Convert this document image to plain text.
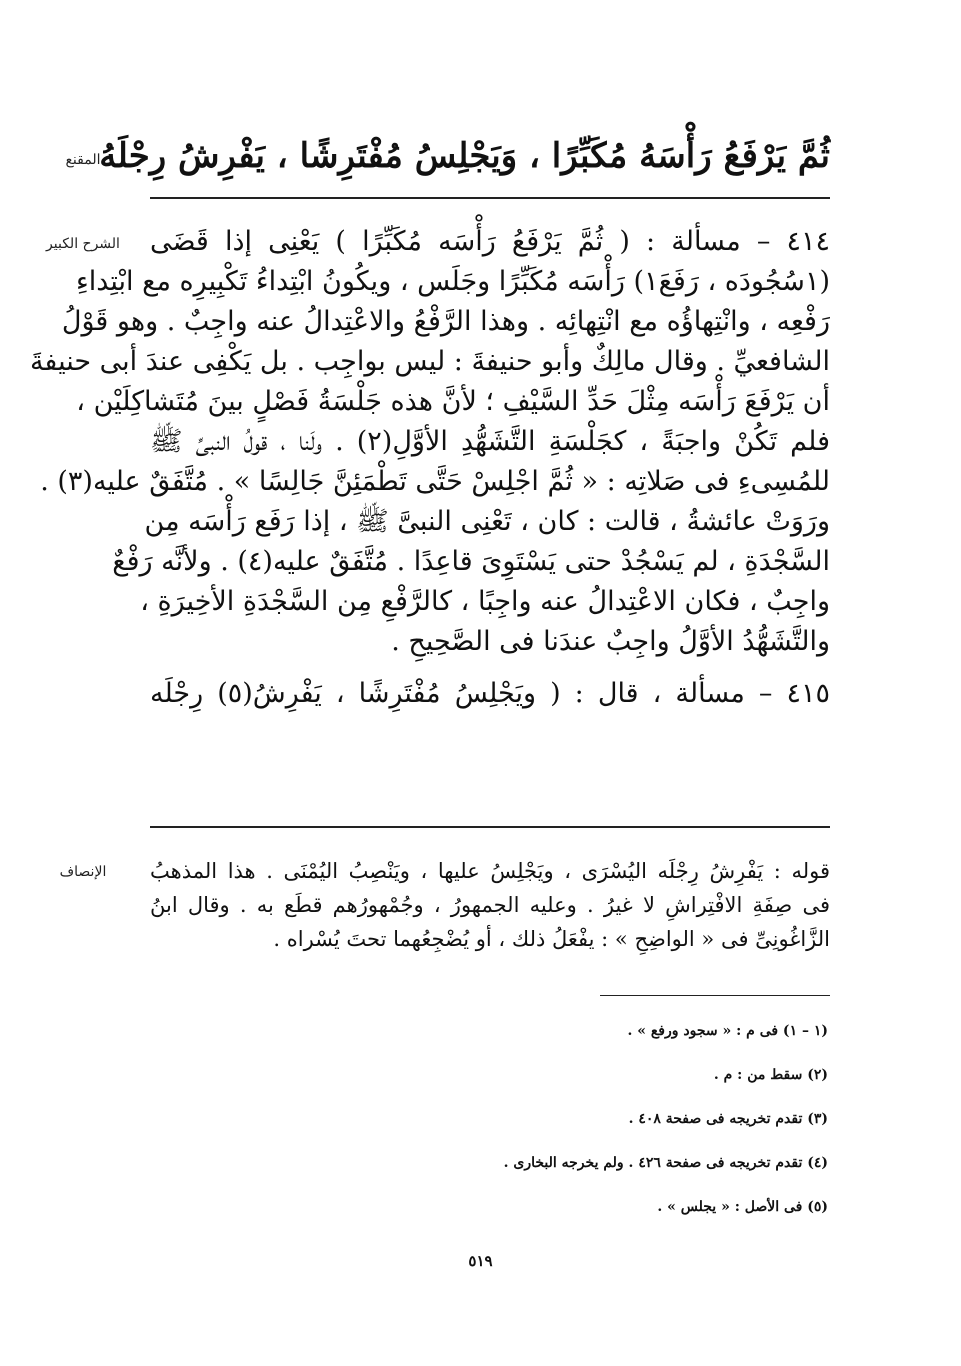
المقنع
الشرح الكبير
الإنصاف
ثُمَّ يَرْفَعُ رَأْسَهُ مُكَبِّرًا ، وَيَجْلِسُ مُفْتَرِشًا ، يَفْرِشُ رِجْلَهُ
٤١٤ – مسألة : ( ثُمَّ يَرْفَعُ رَأْسَه مُكَبِّرًا ) يَعْنِى إذا قَضَى
(١سُجُودَه ، رَفَعَ١) رَأْسَه مُكَبِّرًا وجَلَس ، ويكُونُ ابْتِداءُ تَكْبِيرِه مع ابْتِداءِ
رَفْعِه ، وانْتِهاؤُه مع انْتِهائِه . وهذا الرَّفْعُ والاعْتِدالُ عنه واجِبٌ . وهو قَوْلُ
الشافعيِّ . وقال مالِكٌ وأبو حنيفةَ : ليس بواجِب . بل يَكْفِى عندَ أبى حنيفةَ
أن يَرْفَعَ رَأْسَه مِثْلَ حَدِّ السَّيْفِ ؛ لأنَّ هذه جَلْسَةُ فَصْلٍ بينَ مُتَشاكِلَيْن ،
فلم تَكُنْ واجبَةً ، كجَلْسَةِ التَّشَهُّدِ الأوَّلِ(٢) . ولَنا ، قولُ النبىِّ ﷺ
للمُسِىءِ فى صَلاتِه : « ثُمَّ اجْلِسْ حَتَّى تَطْمَئِنَّ جَالِسًا » . مُتَّفَقٌ عليه(٣) .
ورَوَتْ عائشةُ ، قالت : كان ، تَعْنِى النبىَّ ﷺ ، إذا رَفَع رَأْسَه مِن
السَّجْدَةِ ، لم يَسْجُدْ حتى يَسْتَوِىَ قاعِدًا . مُتَّفَقٌ عليه(٤) . ولأنَّه رَفْعٌ
واجِبٌ ، فكان الاعْتِدالُ عنه واجِبًا ، كالرَّفْعِ مِن السَّجْدَةِ الأخِيرَةِ ،
والتَّشَهُّدُ الأوَّلُ واجِبٌ عندَنا فى الصَّحِيحِ .
٤١٥ – مسألة ، قال : ( ويَجْلِسُ مُفْتَرِشًا ، يَفْرِشُ(٥) رِجْلَه
قوله : يَفْرِشُ رِجْلَه اليُسْرَى ، ويَجْلِسُ عليها ، ويَنْصِبُ اليُمْنَى . هذا المذهبُ
فى صِفَةِ الافْتِراشِ لا غيرُ . وعليه الجمهورُ ، وجُمْهورُهم قطَع به . وقال ابنُ
الزَّاغُونِىِّ فى « الواضِحِ » : يفْعَلُ ذلك ، أو يُضْجِعُهما تحتَ يُسْراه .
(١ – ١) فى م : « سجود ورفع » .
(٢) سقط من : م .
(٣) تقدم تخريجه فى صفحة ٤٠٨ .
(٤) تقدم تخريجه فى صفحة ٤٢٦ . ولم يخرجه البخارى .
(٥) فى الأصل : « يجلس » .
٥١٩
